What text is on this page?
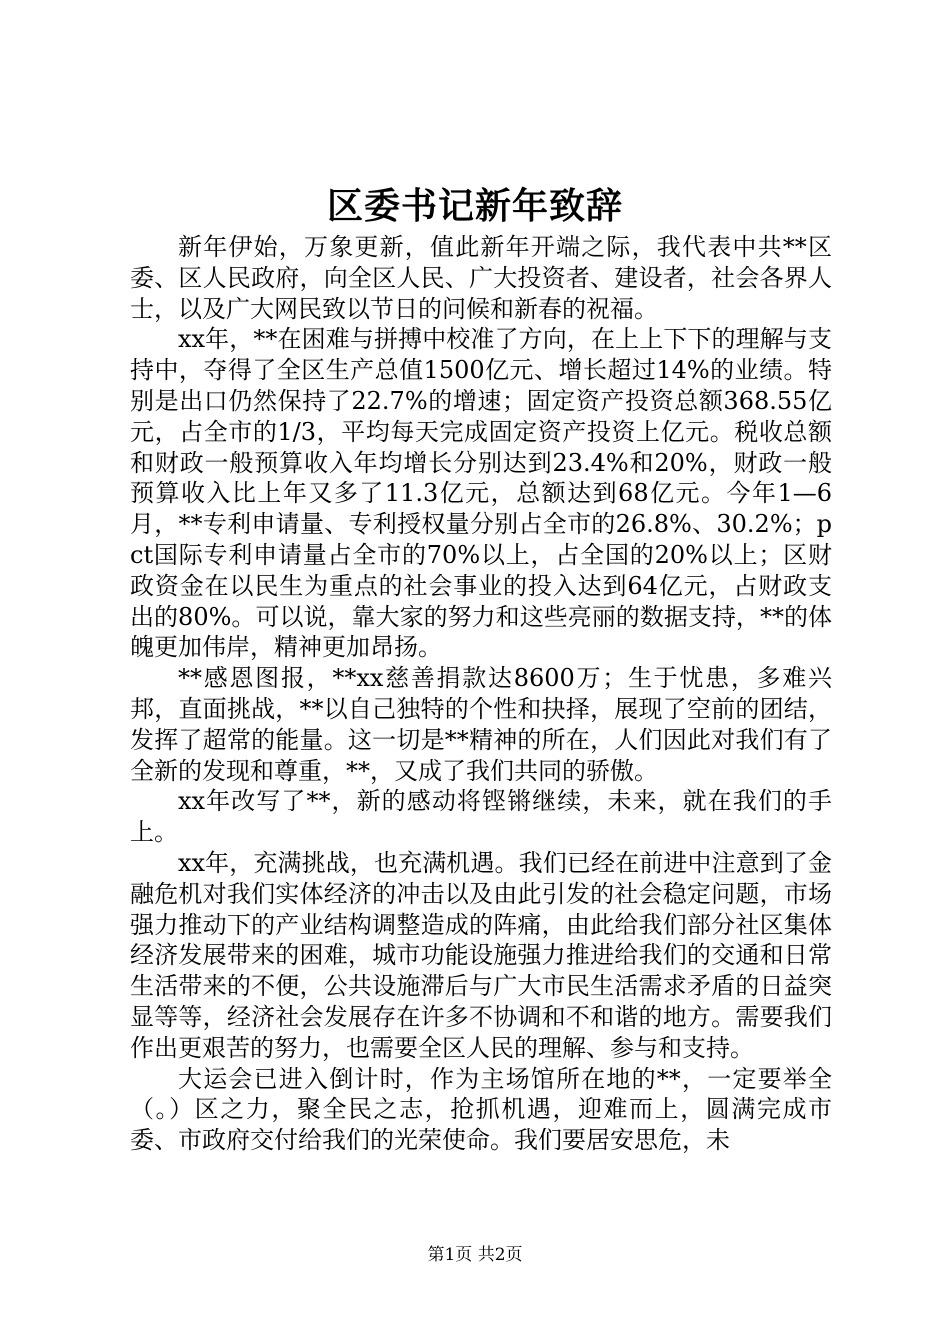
区委书记新年致辞

新年伊始，万象更新，值此新年开端之际，我代表中共**区委、区人民政府，向全区人民、广大投资者、建设者，社会各界人士，以及广大网民致以节日的问候和新春的祝福。

xx年，**在困难与拼搏中校准了方向，在上上下下的理解与支持中，夺得了全区生产总值1500亿元、增长超过14%的业绩。特别是出口仍然保持了22.7%的增速；固定资产投资总额368.55亿元，占全市的1/3，平均每天完成固定资产投资上亿元。税收总额和财政一般预算收入年均增长分别达到23.4%和20%，财政一般预算收入比上年又多了11.3亿元，总额达到68亿元。今年1—6月，**专利申请量、专利授权量分别占全市的26.8%、30.2%；pct国际专利申请量占全市的70%以上，占全国的20%以上；区财政资金在以民生为重点的社会事业的投入达到64亿元，占财政支出的80%。可以说，靠大家的努力和这些亮丽的数据支持，**的体魄更加伟岸，精神更加昂扬。

**感恩图报，**xx慈善捐款达8600万；生于忧患，多难兴邦，直面挑战，**以自己独特的个性和抉择，展现了空前的团结，发挥了超常的能量。这一切是**精神的所在，人们因此对我们有了全新的发现和尊重，**，又成了我们共同的骄傲。

xx年改写了**，新的感动将铿锵继续，未来，就在我们的手上。

xx年，充满挑战，也充满机遇。我们已经在前进中注意到了金融危机对我们实体经济的冲击以及由此引发的社会稳定问题，市场强力推动下的产业结构调整造成的阵痛，由此给我们部分社区集体经济发展带来的困难，城市功能设施强力推进给我们的交通和日常生活带来的不便，公共设施滞后与广大市民生活需求矛盾的日益突显等等，经济社会发展存在许多不协调和不和谐的地方。需要我们作出更艰苦的努力，也需要全区人民的理解、参与和支持。

大运会已进入倒计时，作为主场馆所在地的**，一定要举全（。）区之力，聚全民之志，抢抓机遇，迎难而上，圆满完成市委、市政府交付给我们的光荣使命。我们要居安思危，未

第1页 共2页
